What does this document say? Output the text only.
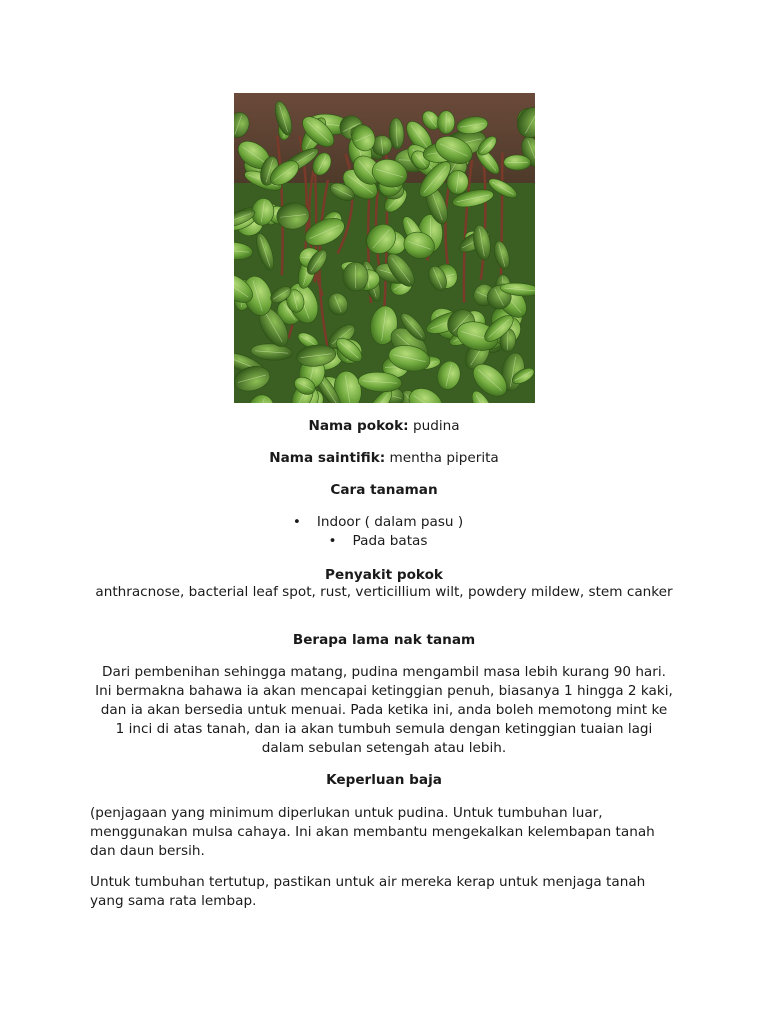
Nama pokok: pudina
Nama saintifik: mentha piperita
Cara tanaman
• Indoor ( dalam pasu )
• Pada batas
Penyakit pokok
anthracnose, bacterial leaf spot, rust, verticillium wilt, powdery mildew, stem canker
Berapa lama nak tanam
Dari pembenihan sehingga matang, pudina mengambil masa lebih kurang 90 hari.
Ini bermakna bahawa ia akan mencapai ketinggian penuh, biasanya 1 hingga 2 kaki,
dan ia akan bersedia untuk menuai. Pada ketika ini, anda boleh memotong mint ke
1 inci di atas tanah, dan ia akan tumbuh semula dengan ketinggian tuaian lagi
dalam sebulan setengah atau lebih.
Keperluan baja
(penjagaan yang minimum diperlukan untuk pudina. Untuk tumbuhan luar,
menggunakan mulsa cahaya. Ini akan membantu mengekalkan kelembapan tanah
dan daun bersih.
Untuk tumbuhan tertutup, pastikan untuk air mereka kerap untuk menjaga tanah
yang sama rata lembap.
